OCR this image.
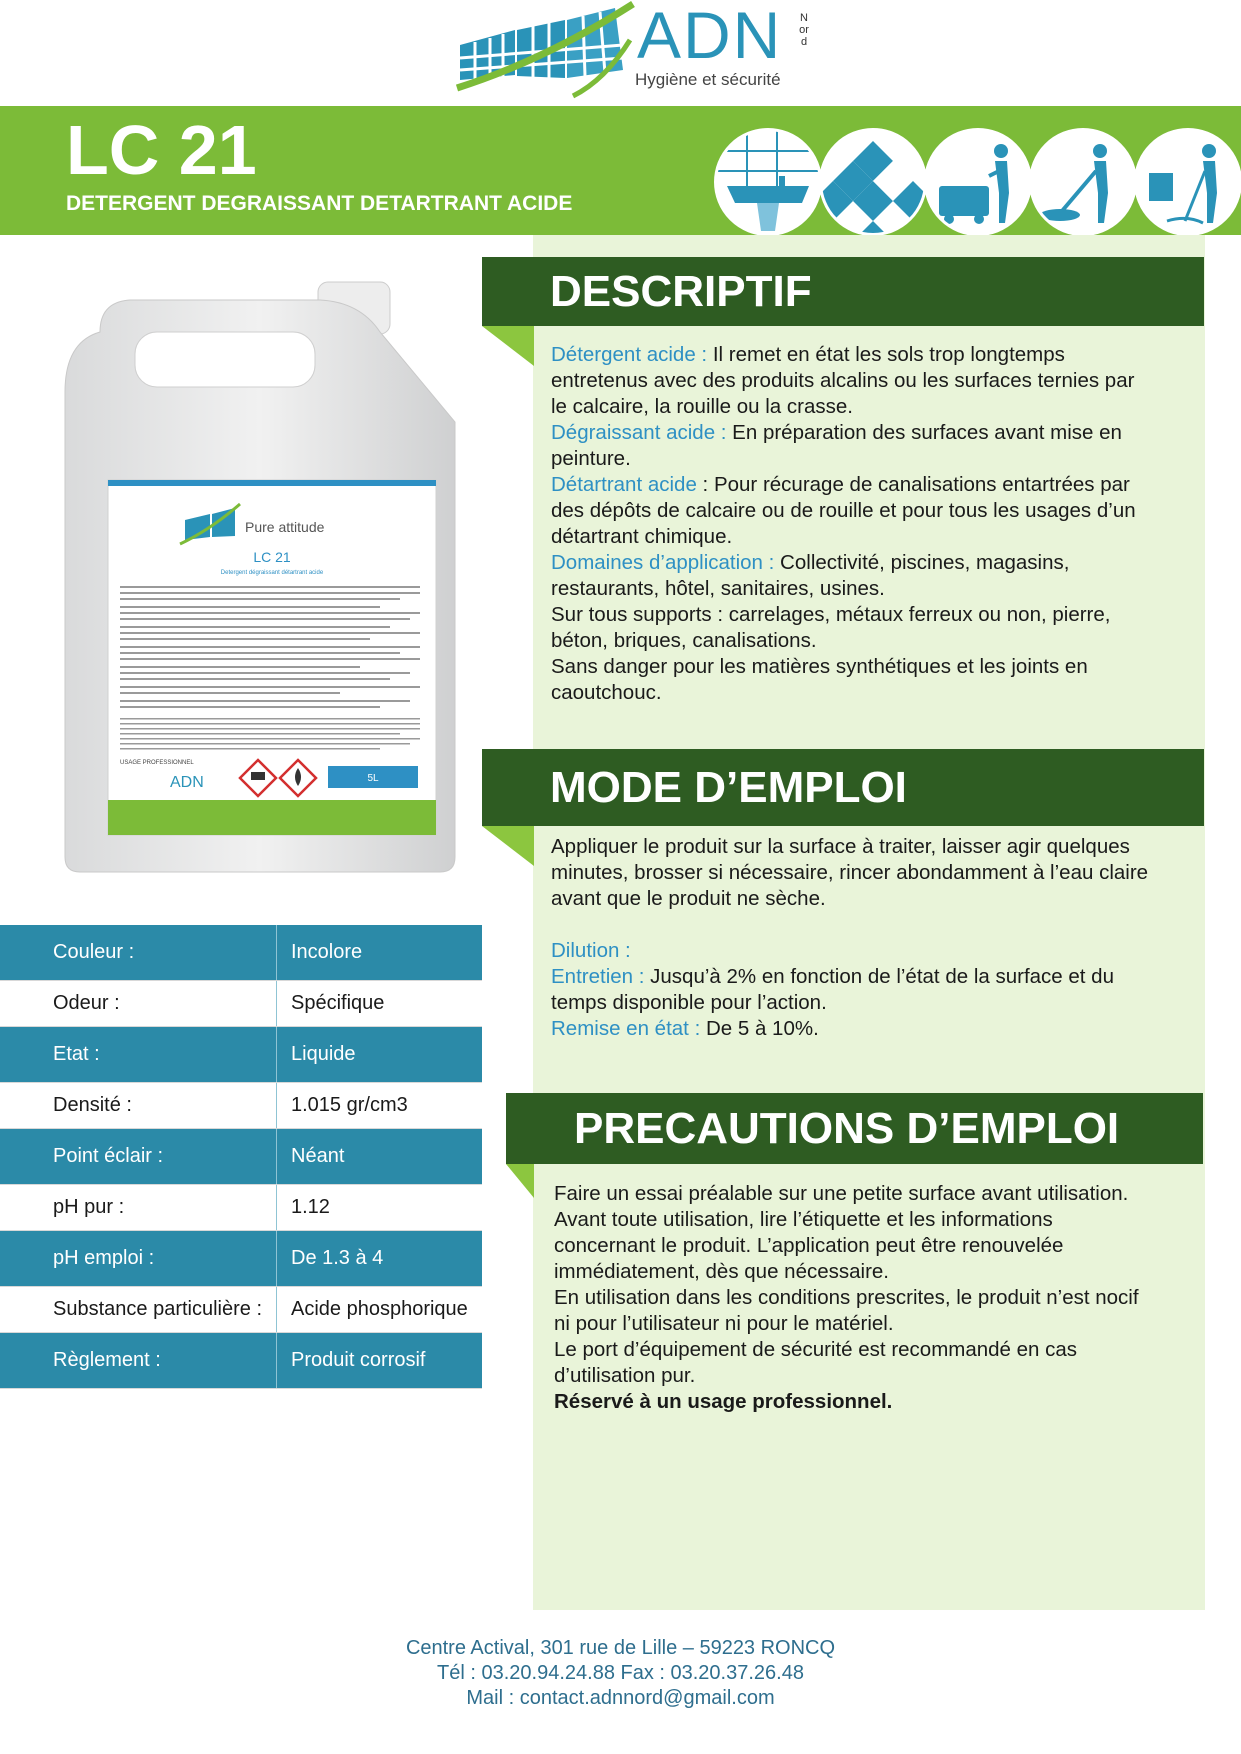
ADN Nord
Hygiène et sécurité
LC 21
DETERGENT DEGRAISSANT DETARTRANT ACIDE
DESCRIPTIF

Détergent acide : Il remet en état les sols trop longtemps entretenus avec des produits alcalins ou les surfaces ternies par le calcaire, la rouille ou la crasse.

Dégraissant acide : En préparation des surfaces avant mise en peinture.

Détartrant acide : Pour récurage de canalisations entartrées par des dépôts de calcaire ou de rouille et pour tous les usages d’un détartrant chimique.

Domaines d’application : Collectivité, piscines, magasins, restaurants, hôtel, sanitaires, usines.

Sur tous supports : carrelages, métaux ferreux ou non, pierre, béton, briques, canalisations.

Sans danger pour les matières synthétiques et les joints en caoutchouc.

MODE D’EMPLOI

Appliquer le produit sur la surface à traiter, laisser agir quelques minutes, brosser si nécessaire, rincer abondamment à l’eau claire avant que le produit ne sèche.

Dilution :

Entretien : Jusqu’à 2% en fonction de l’état de la surface et du temps disponible pour l’action.

Remise en état : De 5 à 10%.

PRECAUTIONS D’EMPLOI

Faire un essai préalable sur une petite surface avant utilisation.

Avant toute utilisation, lire l’étiquette et les informations concernant le produit. L’application peut être renouvelée immédiatement, dès que nécessaire.

En utilisation dans les conditions prescrites, le produit n’est nocif ni pour l’utilisateur ni pour le matériel.

Le port d’équipement de sécurité est recommandé en cas d’utilisation pur.

Réservé à un usage professionnel.

Pure attitude
LC 21
Detergent dégraissant détartrant acide
USAGE PROFESSIONNEL
ADN	5L
Couleur :	Incolore
Odeur :	Spécifique
Etat :	Liquide
Densité :	1.015 gr/cm3
Point éclair :	Néant
pH pur :	1.12
pH emploi :	De 1.3 à 4
Substance particulière :	Acide phosphorique
Règlement :	Produit corrosif
Centre Actival, 301 rue de Lille – 59223 RONCQ
Tél : 03.20.94.24.88 Fax : 03.20.37.26.48
Mail : contact.adnnord@gmail.com
